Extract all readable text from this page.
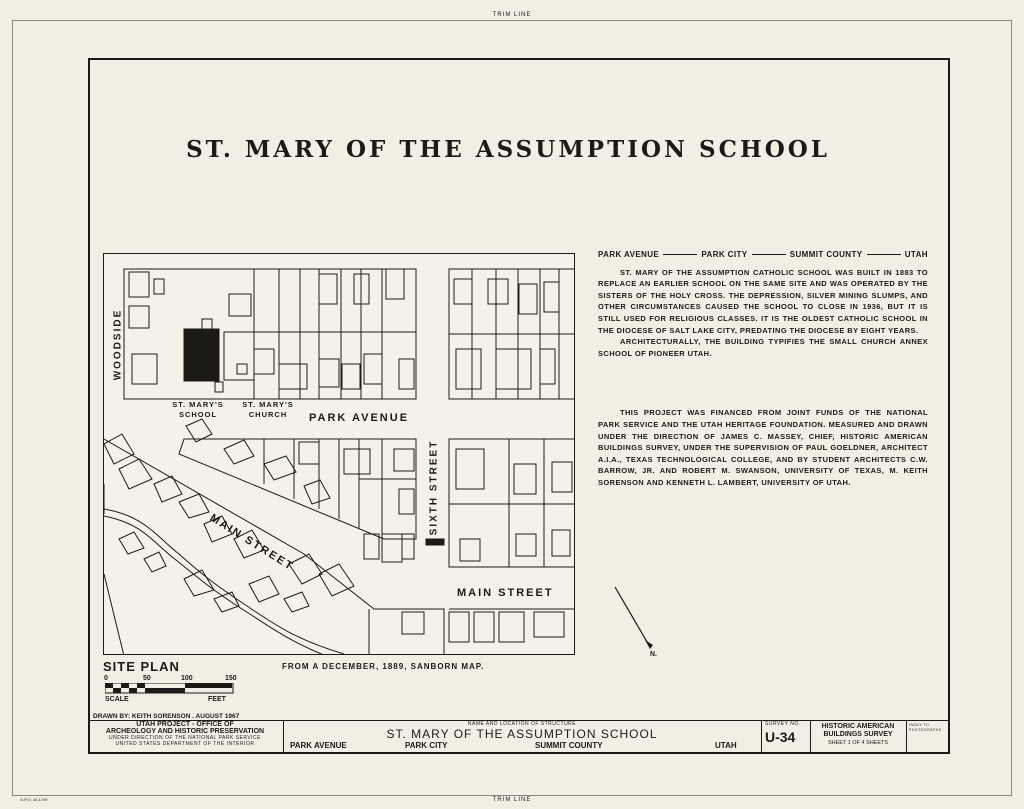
TRIM LINE
TRIM LINE
G.P.O. 16-1749
ST. MARY OF THE ASSUMPTION SCHOOL
WOODSIDE
PARK AVENUE
MAIN STREET
SIXTH STREET
MAIN STREET
ST. MARY'S SCHOOL
ST. MARY'S CHURCH
N.
PARK AVENUE	PARK CITY	SUMMIT COUNTY	UTAH

ST. MARY OF THE ASSUMPTION CATHOLIC SCHOOL WAS BUILT IN 1883 TO REPLACE AN EARLIER SCHOOL ON THE SAME SITE AND WAS OPERATED BY THE SISTERS OF THE HOLY CROSS. THE DEPRESSION, SILVER MINING SLUMPS, AND OTHER CIRCUMSTANCES CAUSED THE SCHOOL TO CLOSE IN 1936, BUT IT IS STILL USED FOR RELIGIOUS CLASSES. IT IS THE OLDEST CATHOLIC SCHOOL IN THE DIOCESE OF SALT LAKE CITY, PREDATING THE DIOCESE BY EIGHT YEARS.

ARCHITECTURALLY, THE BUILDING TYPIFIES THE SMALL CHURCH ANNEX SCHOOL OF PIONEER UTAH.

THIS PROJECT WAS FINANCED FROM JOINT FUNDS OF THE NATIONAL PARK SERVICE AND THE UTAH HERITAGE FOUNDATION. MEASURED AND DRAWN UNDER THE DIRECTION OF JAMES C. MASSEY, CHIEF, HISTORIC AMERICAN BUILDINGS SURVEY, UNDER THE SUPERVISION OF PAUL GOELDNER, ARCHITECT A.I.A., TEXAS TECHNOLOGICAL COLLEGE, AND BY STUDENT ARCHITECTS C.W. BARROW, JR. AND ROBERT M. SWANSON, UNIVERSITY OF TEXAS, M. KEITH SORENSON AND KENNETH L. LAMBERT, UNIVERSITY OF UTAH.

SITE PLAN	FROM A DECEMBER, 1889, SANBORN MAP.
0	50	100	150
SCALE	FEET
DRAWN BY: KEITH SORENSON . AUGUST 1967
UTAH PROJECT - OFFICE OF
ARCHEOLOGY AND HISTORIC PRESERVATION
UNDER DIRECTION OF THE NATIONAL PARK SERVICE
UNITED STATES DEPARTMENT OF THE INTERIOR
NAME AND LOCATION OF STRUCTURE
ST. MARY OF THE ASSUMPTION SCHOOL
PARK AVENUE	PARK CITY	SUMMIT COUNTY	UTAH
SURVEY NO.
U-34
HISTORIC AMERICAN
BUILDINGS SURVEY
SHEET 1 OF 4 SHEETS
INDEX TO
PHOTOGRAPHS
